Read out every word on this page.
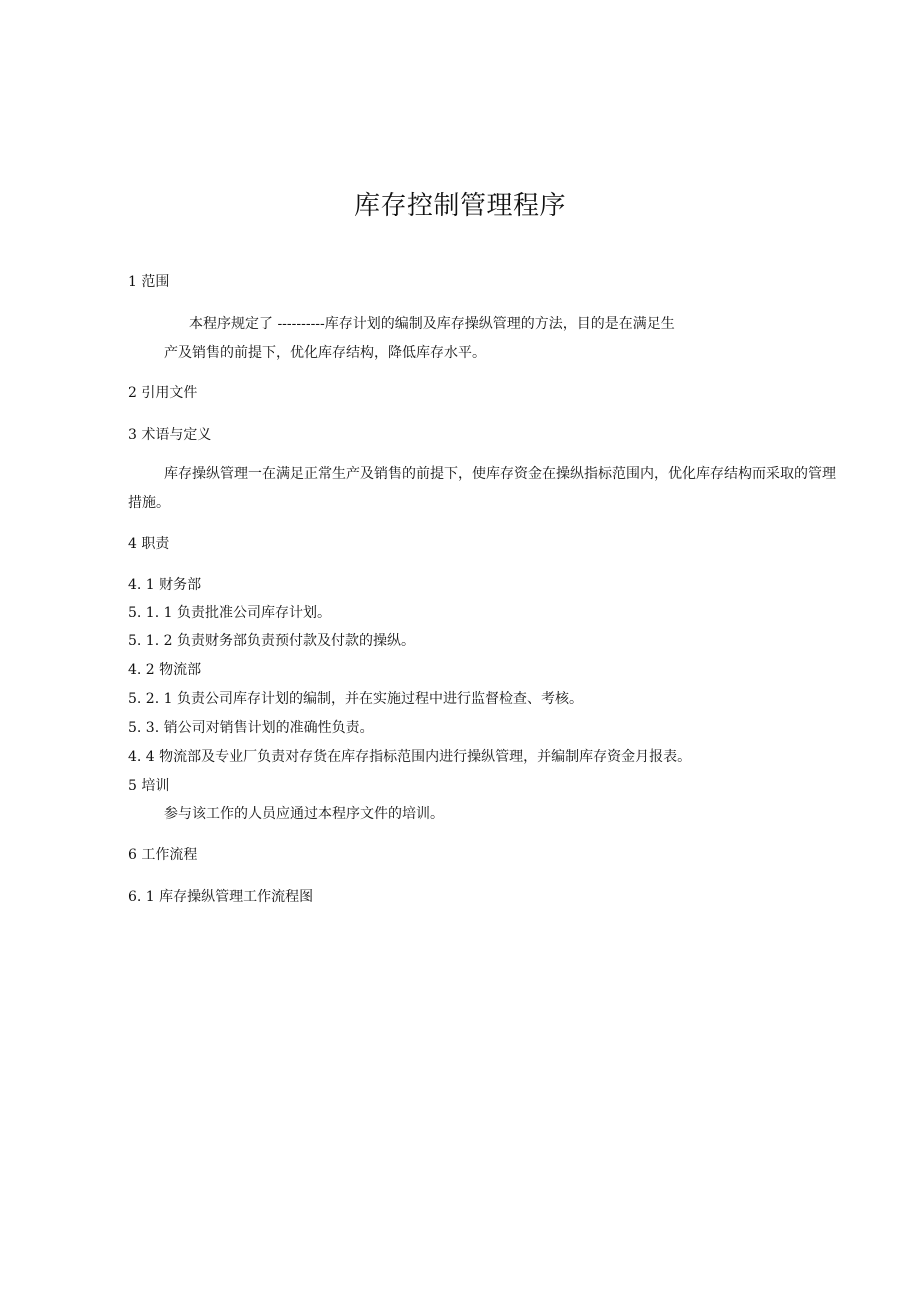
库存控制管理程序
1 范围
本程序规定了 ----------库存计划的编制及库存操纵管理的方法，目的是在满足生
产及销售的前提下，优化库存结构，降低库存水平。
2 引用文件
3 术语与定义
库存操纵管理一在满足正常生产及销售的前提下，使库存资金在操纵指标范围内，优化库存结构而采取的管理措施。
4 职责
4. 1 财务部
5. 1. 1 负责批准公司库存计划。
5. 1. 2 负责财务部负责预付款及付款的操纵。
4. 2 物流部
5. 2. 1 负责公司库存计划的编制，并在实施过程中进行监督检查、考核。
5. 3. 销公司对销售计划的准确性负责。
4. 4 物流部及专业厂负责对存货在库存指标范围内进行操纵管理，并编制库存资金月报表。
5 培训
参与该工作的人员应通过本程序文件的培训。
6 工作流程
6. 1 库存操纵管理工作流程图
